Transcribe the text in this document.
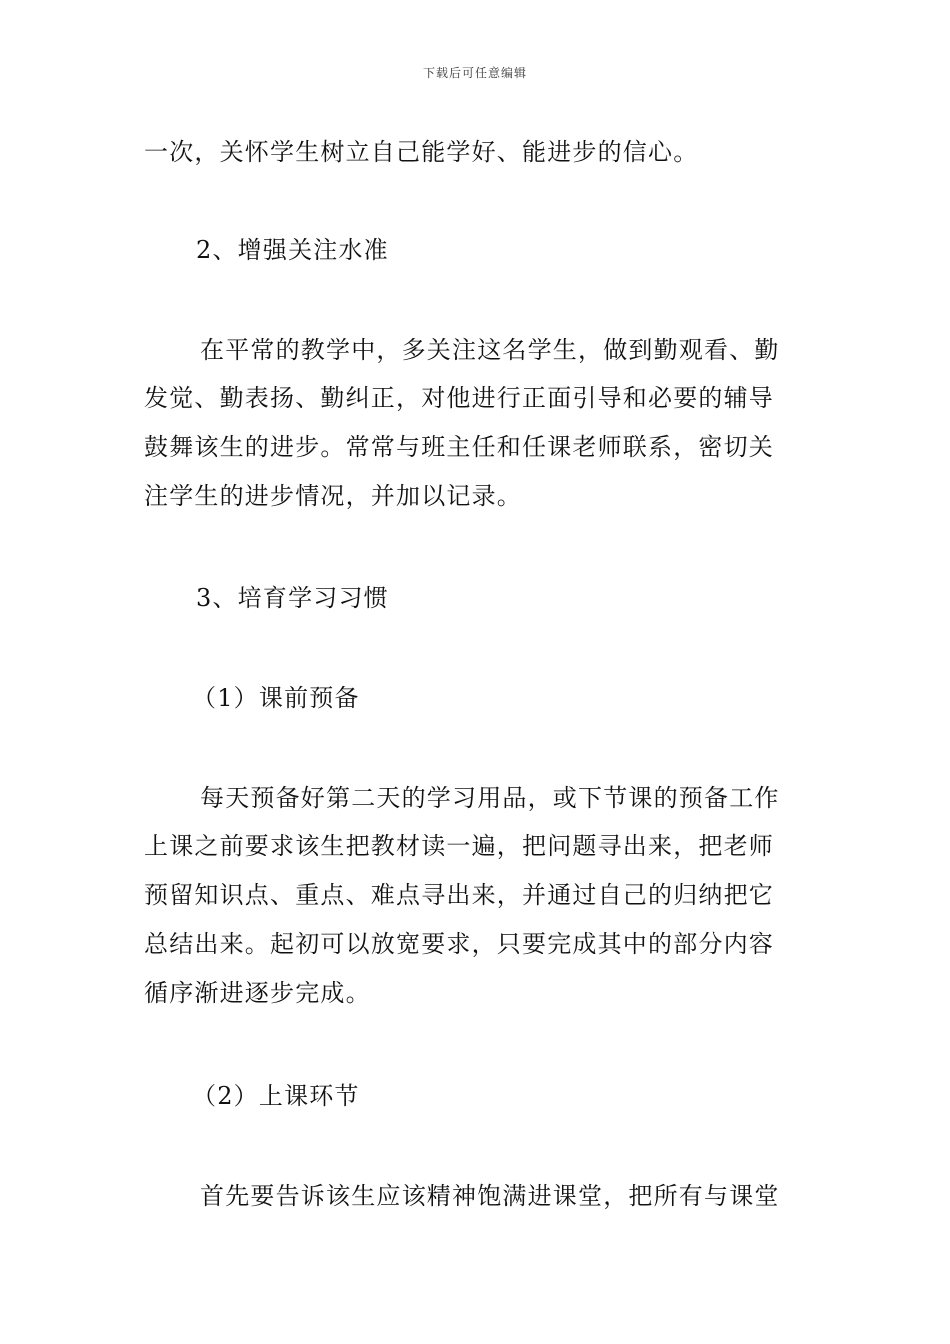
下载后可任意编辑
一次，关怀学生树立自己能学好、能进步的信心。
2、增强关注水准
在平常的教学中，多关注这名学生，做到勤观看、勤
发觉、勤表扬、勤纠正，对他进行正面引导和必要的辅导
鼓舞该生的进步。常常与班主任和任课老师联系，密切关
注学生的进步情况，并加以记录。
3、培育学习习惯
（1）课前预备
每天预备好第二天的学习用品，或下节课的预备工作
上课之前要求该生把教材读一遍，把问题寻出来，把老师
预留知识点、重点、难点寻出来，并通过自己的归纳把它
总结出来。起初可以放宽要求，只要完成其中的部分内容
循序渐进逐步完成。
（2）上课环节
首先要告诉该生应该精神饱满进课堂，把所有与课堂
